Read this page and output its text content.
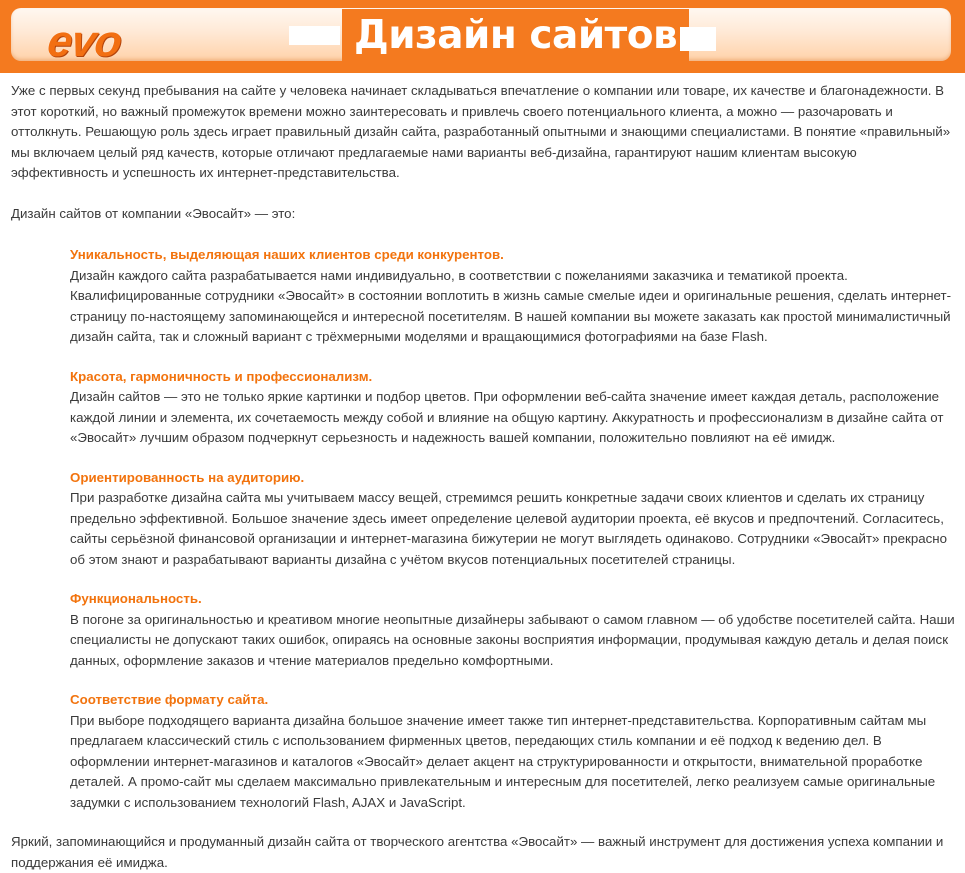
evo	Дизайн сайтов

Уже с первых секунд пребывания на сайте у человека начинает складываться впечатление о компании или товаре, их качестве и благонадежности. В этот короткий, но важный промежуток времени можно заинтересовать и привлечь своего потенциального клиента, а можно — разочаровать и оттолкнуть. Решающую роль здесь играет правильный дизайн сайта, разработанный опытными и знающими специалистами. В понятие «правильный» мы включаем целый ряд качеств, которые отличают предлагаемые нами варианты веб-дизайна, гарантируют нашим клиентам высокую эффективность и успешность их интернет-представительства.

Дизайн сайтов от компании «Эвосайт» — это:

Уникальность, выделяющая наших клиентов среди конкурентов.

Дизайн каждого сайта разрабатывается нами индивидуально, в соответствии с пожеланиями заказчика и тематикой проекта. Квалифицированные сотрудники «Эвосайт» в состоянии воплотить в жизнь самые смелые идеи и оригинальные решения, сделать интернет-страницу по-настоящему запоминающейся и интересной посетителям. В нашей компании вы можете заказать как простой минималистичный дизайн сайта, так и сложный вариант с трёхмерными моделями и вращающимися фотографиями на базе Flash.

Красота, гармоничность и профессионализм.

Дизайн сайтов — это не только яркие картинки и подбор цветов. При оформлении веб-сайта значение имеет каждая деталь, расположение каждой линии и элемента, их сочетаемость между собой и влияние на общую картину. Аккуратность и профессионализм в дизайне сайта от «Эвосайт» лучшим образом подчеркнут серьезность и надежность вашей компании, положительно повлияют на её имидж.

Ориентированность на аудиторию.

При разработке дизайна сайта мы учитываем массу вещей, стремимся решить конкретные задачи своих клиентов и сделать их страницу предельно эффективной. Большое значение здесь имеет определение целевой аудитории проекта, её вкусов и предпочтений. Согласитесь, сайты серьёзной финансовой организации и интернет-магазина бижутерии не могут выглядеть одинаково. Сотрудники «Эвосайт» прекрасно об этом знают и разрабатывают варианты дизайна с учётом вкусов потенциальных посетителей страницы.

Функциональность.

В погоне за оригинальностью и креативом многие неопытные дизайнеры забывают о самом главном — об удобстве посетителей сайта. Наши специалисты не допускают таких ошибок, опираясь на основные законы восприятия информации, продумывая каждую деталь и делая поиск данных, оформление заказов и чтение материалов предельно комфортными.

Соответствие формату сайта.

При выборе подходящего варианта дизайна большое значение имеет также тип интернет-представительства. Корпоративным сайтам мы предлагаем классический стиль с использованием фирменных цветов, передающих стиль компании и её подход к ведению дел. В оформлении интернет-магазинов и каталогов «Эвосайт» делает акцент на структурированности и открытости, внимательной проработке деталей. А промо-сайт мы сделаем максимально привлекательным и интересным для посетителей, легко реализуем самые оригинальные задумки с использованием технологий Flash, AJAX и JavaScript.

Яркий, запоминающийся и продуманный дизайн сайта от творческого агентства «Эвосайт» — важный инструмент для достижения успеха компании и поддержания её имиджа.
